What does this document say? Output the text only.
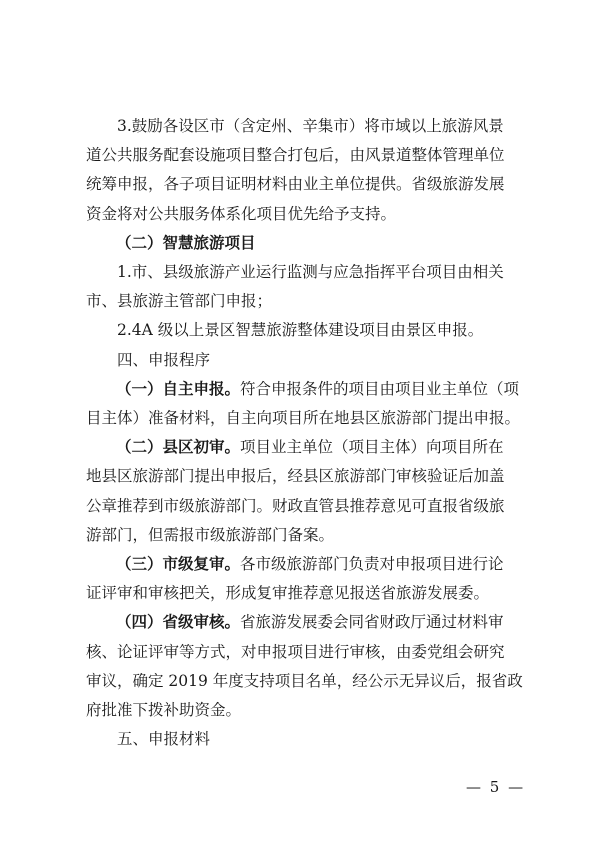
3.鼓励各设区市（含定州、辛集市）将市域以上旅游风景
道公共服务配套设施项目整合打包后，由风景道整体管理单位
统筹申报，各子项目证明材料由业主单位提供。省级旅游发展
资金将对公共服务体系化项目优先给予支持。
（二）智慧旅游项目
1.市、县级旅游产业运行监测与应急指挥平台项目由相关
市、县旅游主管部门申报；
2.4A 级以上景区智慧旅游整体建设项目由景区申报。
四、申报程序
（一）自主申报。符合申报条件的项目由项目业主单位（项
目主体）准备材料，自主向项目所在地县区旅游部门提出申报。
（二）县区初审。项目业主单位（项目主体）向项目所在
地县区旅游部门提出申报后，经县区旅游部门审核验证后加盖
公章推荐到市级旅游部门。财政直管县推荐意见可直报省级旅
游部门，但需报市级旅游部门备案。
（三）市级复审。各市级旅游部门负责对申报项目进行论
证评审和审核把关，形成复审推荐意见报送省旅游发展委。
（四）省级审核。省旅游发展委会同省财政厅通过材料审
核、论证评审等方式，对申报项目进行审核，由委党组会研究
审议，确定 2019 年度支持项目名单，经公示无异议后，报省政
府批准下拨补助资金。
五、申报材料
— 5 —
